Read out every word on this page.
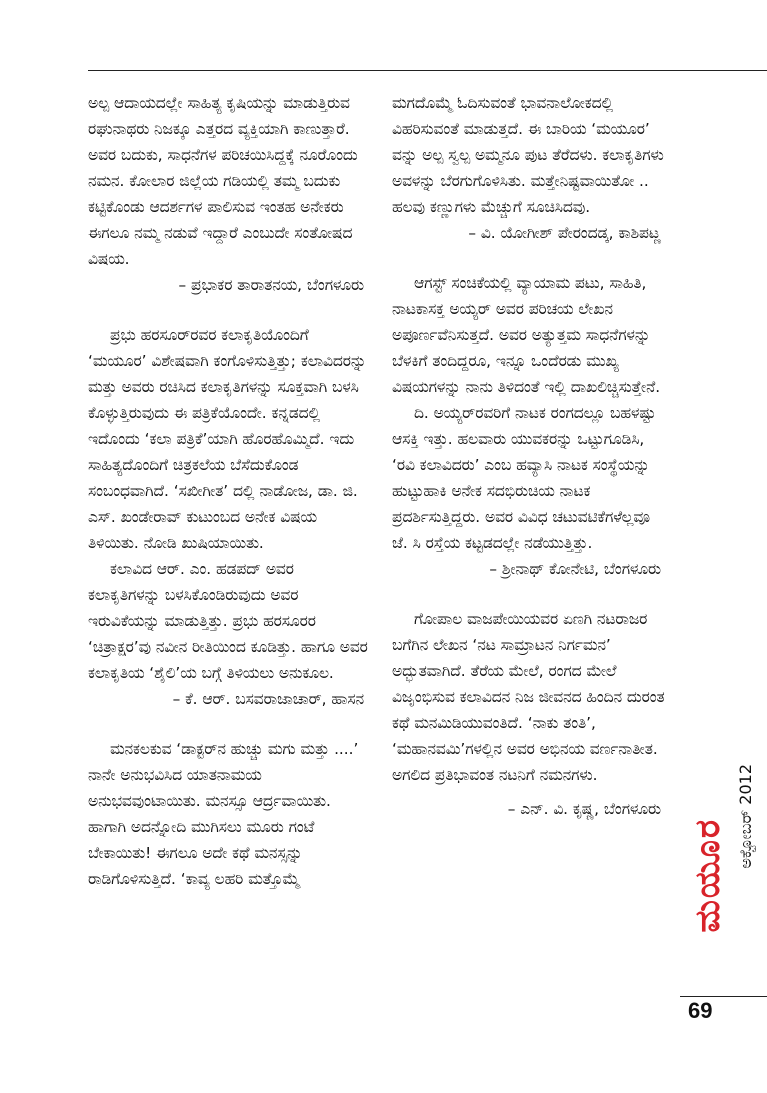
ಅಲ್ಪ ಆದಾಯದಲ್ಲೇ ಸಾಹಿತ್ಯ ಕೃಷಿಯನ್ನು ಮಾಡುತ್ತಿರುವ ರಘುನಾಥರು ನಿಜಕ್ಕೂ ಎತ್ತರದ ವ್ಯಕ್ತಿಯಾಗಿ ಕಾಣುತ್ತಾರೆ. ಅವರ ಬದುಕು, ಸಾಧನೆಗಳ ಪರಿಚಯಿಸಿದ್ದಕ್ಕೆ ನೂರೊಂದು ನಮನ. ಕೋಲಾರ ಜಿಲ್ಲೆಯ ಗಡಿಯಲ್ಲಿ ತಮ್ಮ ಬದುಕು ಕಟ್ಟಿಕೊಂಡು ಆದರ್ಶಗಳ ಪಾಲಿಸುವ ಇಂತಹ ಅನೇಕರು ಈಗಲೂ ನಮ್ಮ ನಡುವೆ ಇದ್ದಾರೆ ಎಂಬುದೇ ಸಂತೋಷದ ವಿಷಯ.

– ಪ್ರಭಾಕರ ತಾರಾತನಯ, ಬೆಂಗಳೂರು

ಪ್ರಭು ಹರಸೂರ್‌ರವರ ಕಲಾಕೃತಿಯೊಂದಿಗೆ ‘ಮಯೂರ’ ವಿಶೇಷವಾಗಿ ಕಂಗೊಳಿಸುತ್ತಿತ್ತು; ಕಲಾವಿದರನ್ನು ಮತ್ತು ಅವರು ರಚಿಸಿದ ಕಲಾಕೃತಿಗಳನ್ನು ಸೂಕ್ತವಾಗಿ ಬಳಸಿ ಕೊಳ್ಳುತ್ತಿರುವುದು ಈ ಪತ್ರಿಕೆಯೊಂದೇ. ಕನ್ನಡದಲ್ಲಿ ಇದೊಂದು ‘ಕಲಾ ಪತ್ರಿಕೆ’ಯಾಗಿ ಹೊರಹೊಮ್ಮಿದೆ. ಇದು ಸಾಹಿತ್ಯದೊಂದಿಗೆ ಚಿತ್ರಕಲೆಯ ಬೆಸೆದುಕೊಂಡ ಸಂಬಂಧವಾಗಿದೆ. ‘ಸಖೀಗೀತ’ ದಲ್ಲಿ ನಾಡೋಜ, ಡಾ. ಜಿ. ಎಸ್. ಖಂಡೇರಾವ್ ಕುಟುಂಬದ ಅನೇಕ ವಿಷಯ ತಿಳಿಯಿತು. ನೋಡಿ ಖುಷಿಯಾಯಿತು.

ಕಲಾವಿದ ಆರ್. ಎಂ. ಹಡಪದ್ ಅವರ ಕಲಾಕೃತಿಗಳನ್ನು ಬಳಸಿಕೊಂಡಿರುವುದು ಅವರ ಇರುವಿಕೆಯನ್ನು ಮಾಡುತ್ತಿತ್ತು. ಪ್ರಭು ಹರಸೂರರ ‘ಚಿತ್ರಾಕ್ಷರ’ವು ನವೀನ ರೀತಿಯಿಂದ ಕೂಡಿತ್ತು. ಹಾಗೂ ಅವರ ಕಲಾಕೃತಿಯ ‘ಶೈಲಿ’ಯ ಬಗ್ಗೆ ತಿಳಿಯಲು ಅನುಕೂಲ.

– ಕೆ. ಆರ್. ಬಸವರಾಜಾಚಾರ್, ಹಾಸನ

ಮನಕಲಕುವ ‘ಡಾಕ್ಟರ್‌ನ ಹುಚ್ಚು ಮಗು ಮತ್ತು ....’ ನಾನೇ ಅನುಭವಿಸಿದ ಯಾತನಾಮಯ ಅನುಭವವುಂಟಾಯಿತು. ಮನಸ್ಸೂ ಆರ್ದ್ರವಾಯಿತು. ಹಾಗಾಗಿ ಅದನ್ನೋದಿ ಮುಗಿಸಲು ಮೂರು ಗಂಟೆ ಬೇಕಾಯಿತು! ಈಗಲೂ ಅದೇ ಕಥೆ ಮನಸ್ಸನ್ನು ರಾಡಿಗೊಳಿಸುತ್ತಿದೆ. ‘ಕಾವ್ಯ ಲಹರಿ ಮತ್ತೊಮ್ಮೆ

ಮಗದೊಮ್ಮೆ ಓದಿಸುವಂತೆ ಭಾವನಾಲೋಕದಲ್ಲಿ ವಿಹರಿಸುವಂತೆ ಮಾಡುತ್ತದೆ. ಈ ಬಾರಿಯ ‘ಮಯೂರ’ ವನ್ನು ಅಲ್ಪ ಸ್ವಲ್ಪ ಅಮ್ಮನೂ ಪುಟ ತೆರೆದಳು. ಕಲಾಕೃತಿಗಳು ಅವಳನ್ನು ಬೆರಗುಗೊಳಿಸಿತು. ಮತ್ತೇನಿಷ್ಟವಾಯಿತೋ .. ಹಲವು ಕಣ್ಣುಗಳು ಮೆಚ್ಚುಗೆ ಸೂಚಿಸಿದವು.

– ವಿ. ಯೋಗೀಶ್ ಪೇರಂದಡ್ಕ, ಕಾಶಿಪಟ್ಣ

ಆಗಸ್ಟ್ ಸಂಚಿಕೆಯಲ್ಲಿ ವ್ಯಾಯಾಮ ಪಟು, ಸಾಹಿತಿ, ನಾಟಕಾಸಕ್ತ ಅಯ್ಯರ್ ಅವರ ಪರಿಚಯ ಲೇಖನ ಅಪೂರ್ಣವೆನಿಸುತ್ತದೆ. ಅವರ ಅತ್ಯುತ್ತಮ ಸಾಧನೆಗಳನ್ನು ಬೆಳಕಿಗೆ ತಂದಿದ್ದರೂ, ಇನ್ನೂ ಒಂದೆರಡು ಮುಖ್ಯ ವಿಷಯಗಳನ್ನು ನಾನು ತಿಳಿದಂತೆ ಇಲ್ಲಿ ದಾಖಲಿಚ್ಚಿಸುತ್ತೇನೆ.

ದಿ. ಅಯ್ಯರ್‌ರವರಿಗೆ ನಾಟಕ ರಂಗದಲ್ಲೂ ಬಹಳಷ್ಟು ಆಸಕ್ತಿ ಇತ್ತು. ಹಲವಾರು ಯುವಕರನ್ನು ಒಟ್ಟುಗೂಡಿಸಿ, ‘ರವಿ ಕಲಾವಿದರು’ ಎಂಬ ಹವ್ಯಾಸಿ ನಾಟಕ ಸಂಸ್ಥೆಯನ್ನು ಹುಟ್ಟುಹಾಕಿ ಅನೇಕ ಸದಭಿರುಚಿಯ ನಾಟಕ ಪ್ರದರ್ಶಿಸುತ್ತಿದ್ದರು. ಅವರ ವಿವಿಧ ಚಟುವಟಿಕೆಗಳೆಲ್ಲವೂ ಜೆ. ಸಿ ರಸ್ತೆಯ ಕಟ್ಟಡದಲ್ಲೇ ನಡೆಯುತ್ತಿತ್ತು.

– ಶ್ರೀನಾಥ್ ಕೋನೇಟಿ, ಬೆಂಗಳೂರು

ಗೋಪಾಲ ವಾಜಪೇಯಿಯವರ ಏಣಗಿ ನಟರಾಜರ ಬಗೆಗಿನ ಲೇಖನ ‘ನಟ ಸಾಮ್ರಾಟನ ನಿರ್ಗಮನ’ ಅದ್ಭುತವಾಗಿದೆ. ತೆರೆಯ ಮೇಲೆ, ರಂಗದ ಮೇಲೆ ವಿಜೃಂಭಿಸುವ ಕಲಾವಿದನ ನಿಜ ಜೀವನದ ಹಿಂದಿನ ದುರಂತ ಕಥೆ ಮನಮಿಡಿಯುವಂತಿದೆ. ‘ನಾಕು ತಂತಿ’, ‘ಮಹಾನವಮಿ’ಗಳಲ್ಲಿನ ಅವರ ಅಭಿನಯ ವರ್ಣನಾತೀತ. ಅಗಲಿದ ಪ್ರತಿಭಾವಂತ ನಟನಿಗೆ ನಮನಗಳು.

– ಎನ್. ವಿ. ಕೃಷ್ಣ, ಬೆಂಗಳೂರು

ಮಯೂರ
ಅಕ್ಟೋಬರ್ 2012
69
